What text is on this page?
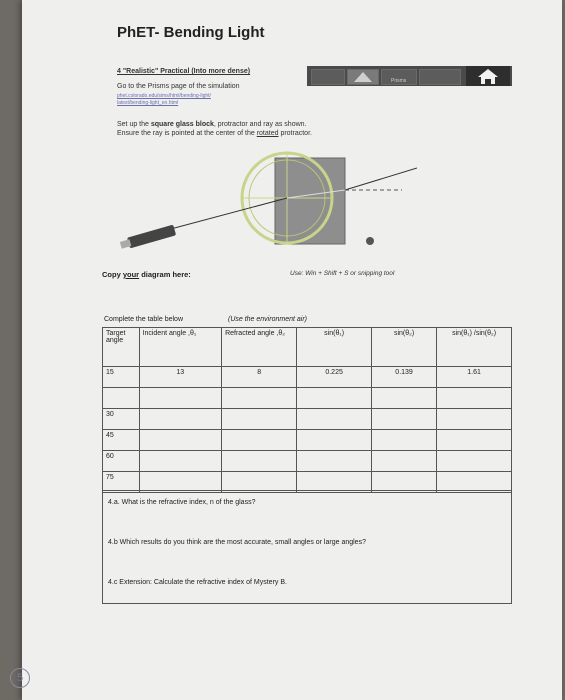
PhET- Bending Light
4 "Realistic" Practical (Into more dense)
Go to the Prisms page of the simulation
phet.colorado.edu/sims/html/bending-light/
latest/bending-light_en.html
Prisms
Set up the square glass block, protractor and ray as shown.
Ensure the ray is pointed at the center of the rotated protractor.
Copy your diagram here:	Use: Win + Shift + S or snipping tool
Complete the table below	(Use the environment air)
Target angle	Incident angle ,θ₁	Refracted angle ,θ₂	sin(θ₁)	sin(θ₂)	sin(θ₁) /sin(θ₂)
15	13	8	0.225	0.139	1.61

30					
45					
60					
75					
4.a. What is the refractive index, n of the glass?
4.b Which results do you think are the most accurate, small angles or large angles?
4.c Extension: Calculate the refractive index of Mystery B.
5
